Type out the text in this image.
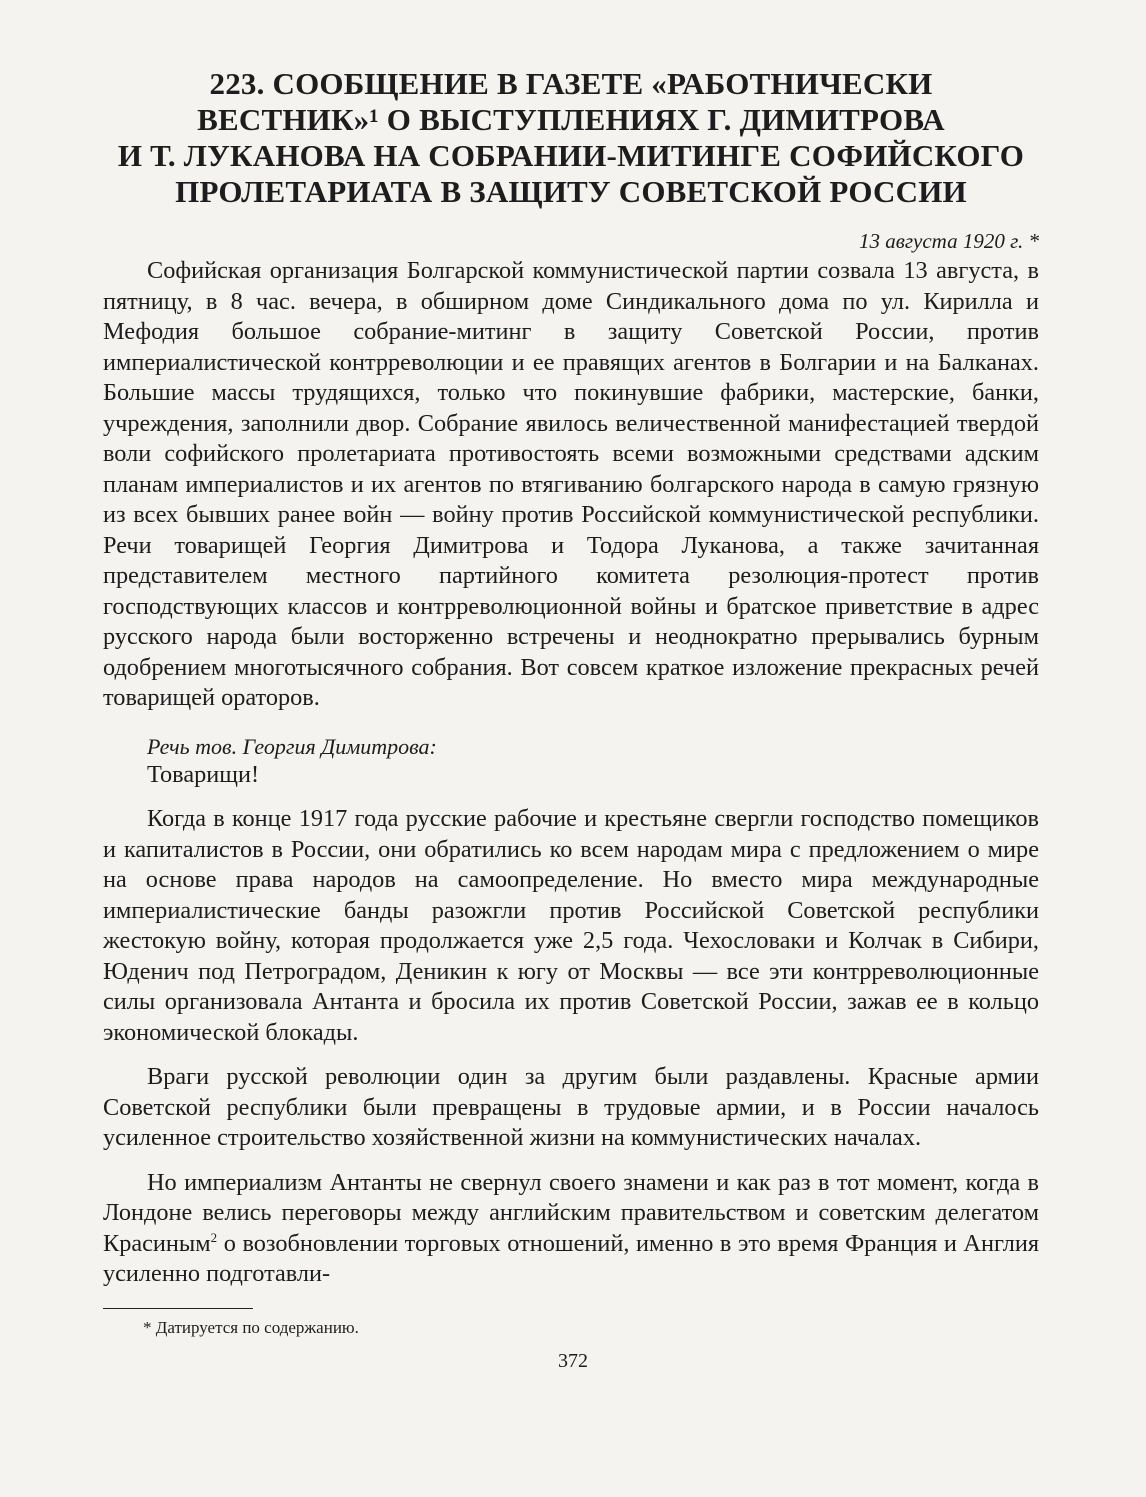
223. СООБЩЕНИЕ В ГАЗЕТЕ «РАБОТНИЧЕСКИ
ВЕСТНИК»¹ О ВЫСТУПЛЕНИЯХ Г. ДИМИТРОВА
И Т. ЛУКАНОВА НА СОБРАНИИ-МИТИНГЕ СОФИЙСКОГО
ПРОЛЕТАРИАТА В ЗАЩИТУ СОВЕТСКОЙ РОССИИ
13 августа 1920 г. *

Софийская организация Болгарской коммунистической партии созвала 13 августа, в пятницу, в 8 час. вечера, в обширном доме Синдикального дома по ул. Кирилла и Мефодия большое собрание-митинг в защиту Советской России, против империалистической контрреволюции и ее правящих агентов в Болгарии и на Балканах. Большие массы трудящихся, только что покинувшие фабрики, мастерские, банки, учреждения, заполнили двор. Собрание явилось величественной манифестацией твердой воли софийского пролетариата противостоять всеми возможными средствами адским планам империалистов и их агентов по втягиванию болгарского народа в самую грязную из всех бывших ранее войн — войну против Российской коммунистической республики. Речи товарищей Георгия Димитрова и Тодора Луканова, а также зачитанная представителем местного партийного комитета резолюция-протест против господствующих классов и контрреволюционной войны и братское приветствие в адрес русского народа были восторженно встречены и неоднократно прерывались бурным одобрением многотысячного собрания. Вот совсем краткое изложение прекрасных речей товарищей ораторов.

Речь тов. Георгия Димитрова:

Товарищи!

Когда в конце 1917 года русские рабочие и крестьяне свергли господство помещиков и капиталистов в России, они обратились ко всем народам мира с предложением о мире на основе права народов на самоопределение. Но вместо мира международные империалистические банды разожгли против Российской Советской республики жестокую войну, которая продолжается уже 2,5 года. Чехословаки и Колчак в Сибири, Юденич под Петроградом, Деникин к югу от Москвы — все эти контрреволюционные силы организовала Антанта и бросила их против Советской России, зажав ее в кольцо экономической блокады.

Враги русской революции один за другим были раздавлены. Красные армии Советской республики были превращены в трудовые армии, и в России началось усиленное строительство хозяйственной жизни на коммунистических началах.

Но империализм Антанты не свернул своего знамени и как раз в тот момент, когда в Лондоне велись переговоры между английским правительством и советским делегатом Красиным$^2$ о возобновлении торговых отношений, именно в это время Франция и Англия усиленно подготавли-

* Датируется по содержанию.

372
